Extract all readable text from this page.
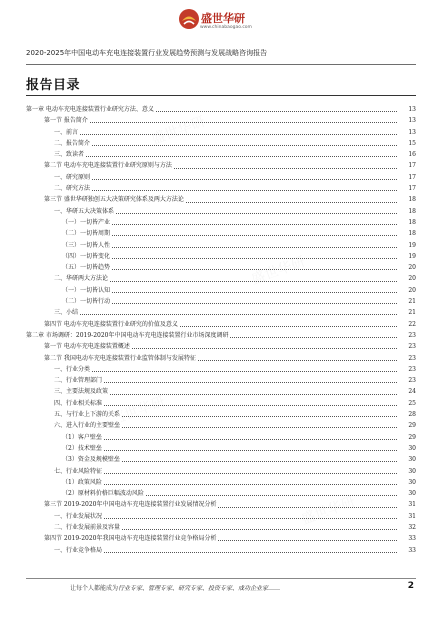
盛世华研
www.chinabaogao.com
2020-2025年中国电动车充电连接装置行业发展趋势预测与发展战略咨询报告
报告目录
第一章 电动车充电连接装置行业研究方法、意义	13
第一节 报告简介	13
一、前言	13
二、报告简介	15
三、致读者	16
第二节 电动车充电连接装置行业研究原则与方法	17
一、研究原则	17
二、研究方法	17
第三节 盛世华研独创五大决策研究体系及两大方法论	18
一、华研五大决策体系	18
（一）一切皆产业	18
（二）一切皆周期	18
（三）一切皆人性	19
（四）一切皆变化	19
（五）一切皆趋势	20
二、华研两大方法论	20
（一）一切皆认知	20
（二）一切皆行动	21
三、小结	21
第四节 电动车充电连接装置行业研究的价值及意义	22
第二章 市场调研：2019-2020年中国电动车充电连接装置行业市场深度调研	23
第一节 电动车充电连接装置概述	23
第二节 我国电动车充电连接装置行业监管体制与发展特征	23
一、行业分类	23
二、行业管理部门	23
三、主要法规及政策	24
四、行业相关标准	25
五、与行业上下游的关系	28
六、进入行业的主要壁垒	29
（1）客户壁垒	29
（2）技术壁垒	30
（3）资金及规模壁垒	30
七、行业风险特征	30
（1）政策风险	30
（2）原材料价格巨幅波动风险	30
第三节 2019-2020年中国电动车充电连接装置行业发展情况分析	31
一、行业发展状况	31
二、行业发展前景及容量	32
第四节 2019-2020年我国电动车充电连接装置行业竞争格局分析	33
一、行业竞争格局	33
让每个人都能成为行业专家、管理专家、研究专家、投资专家、成功企业家……	2
